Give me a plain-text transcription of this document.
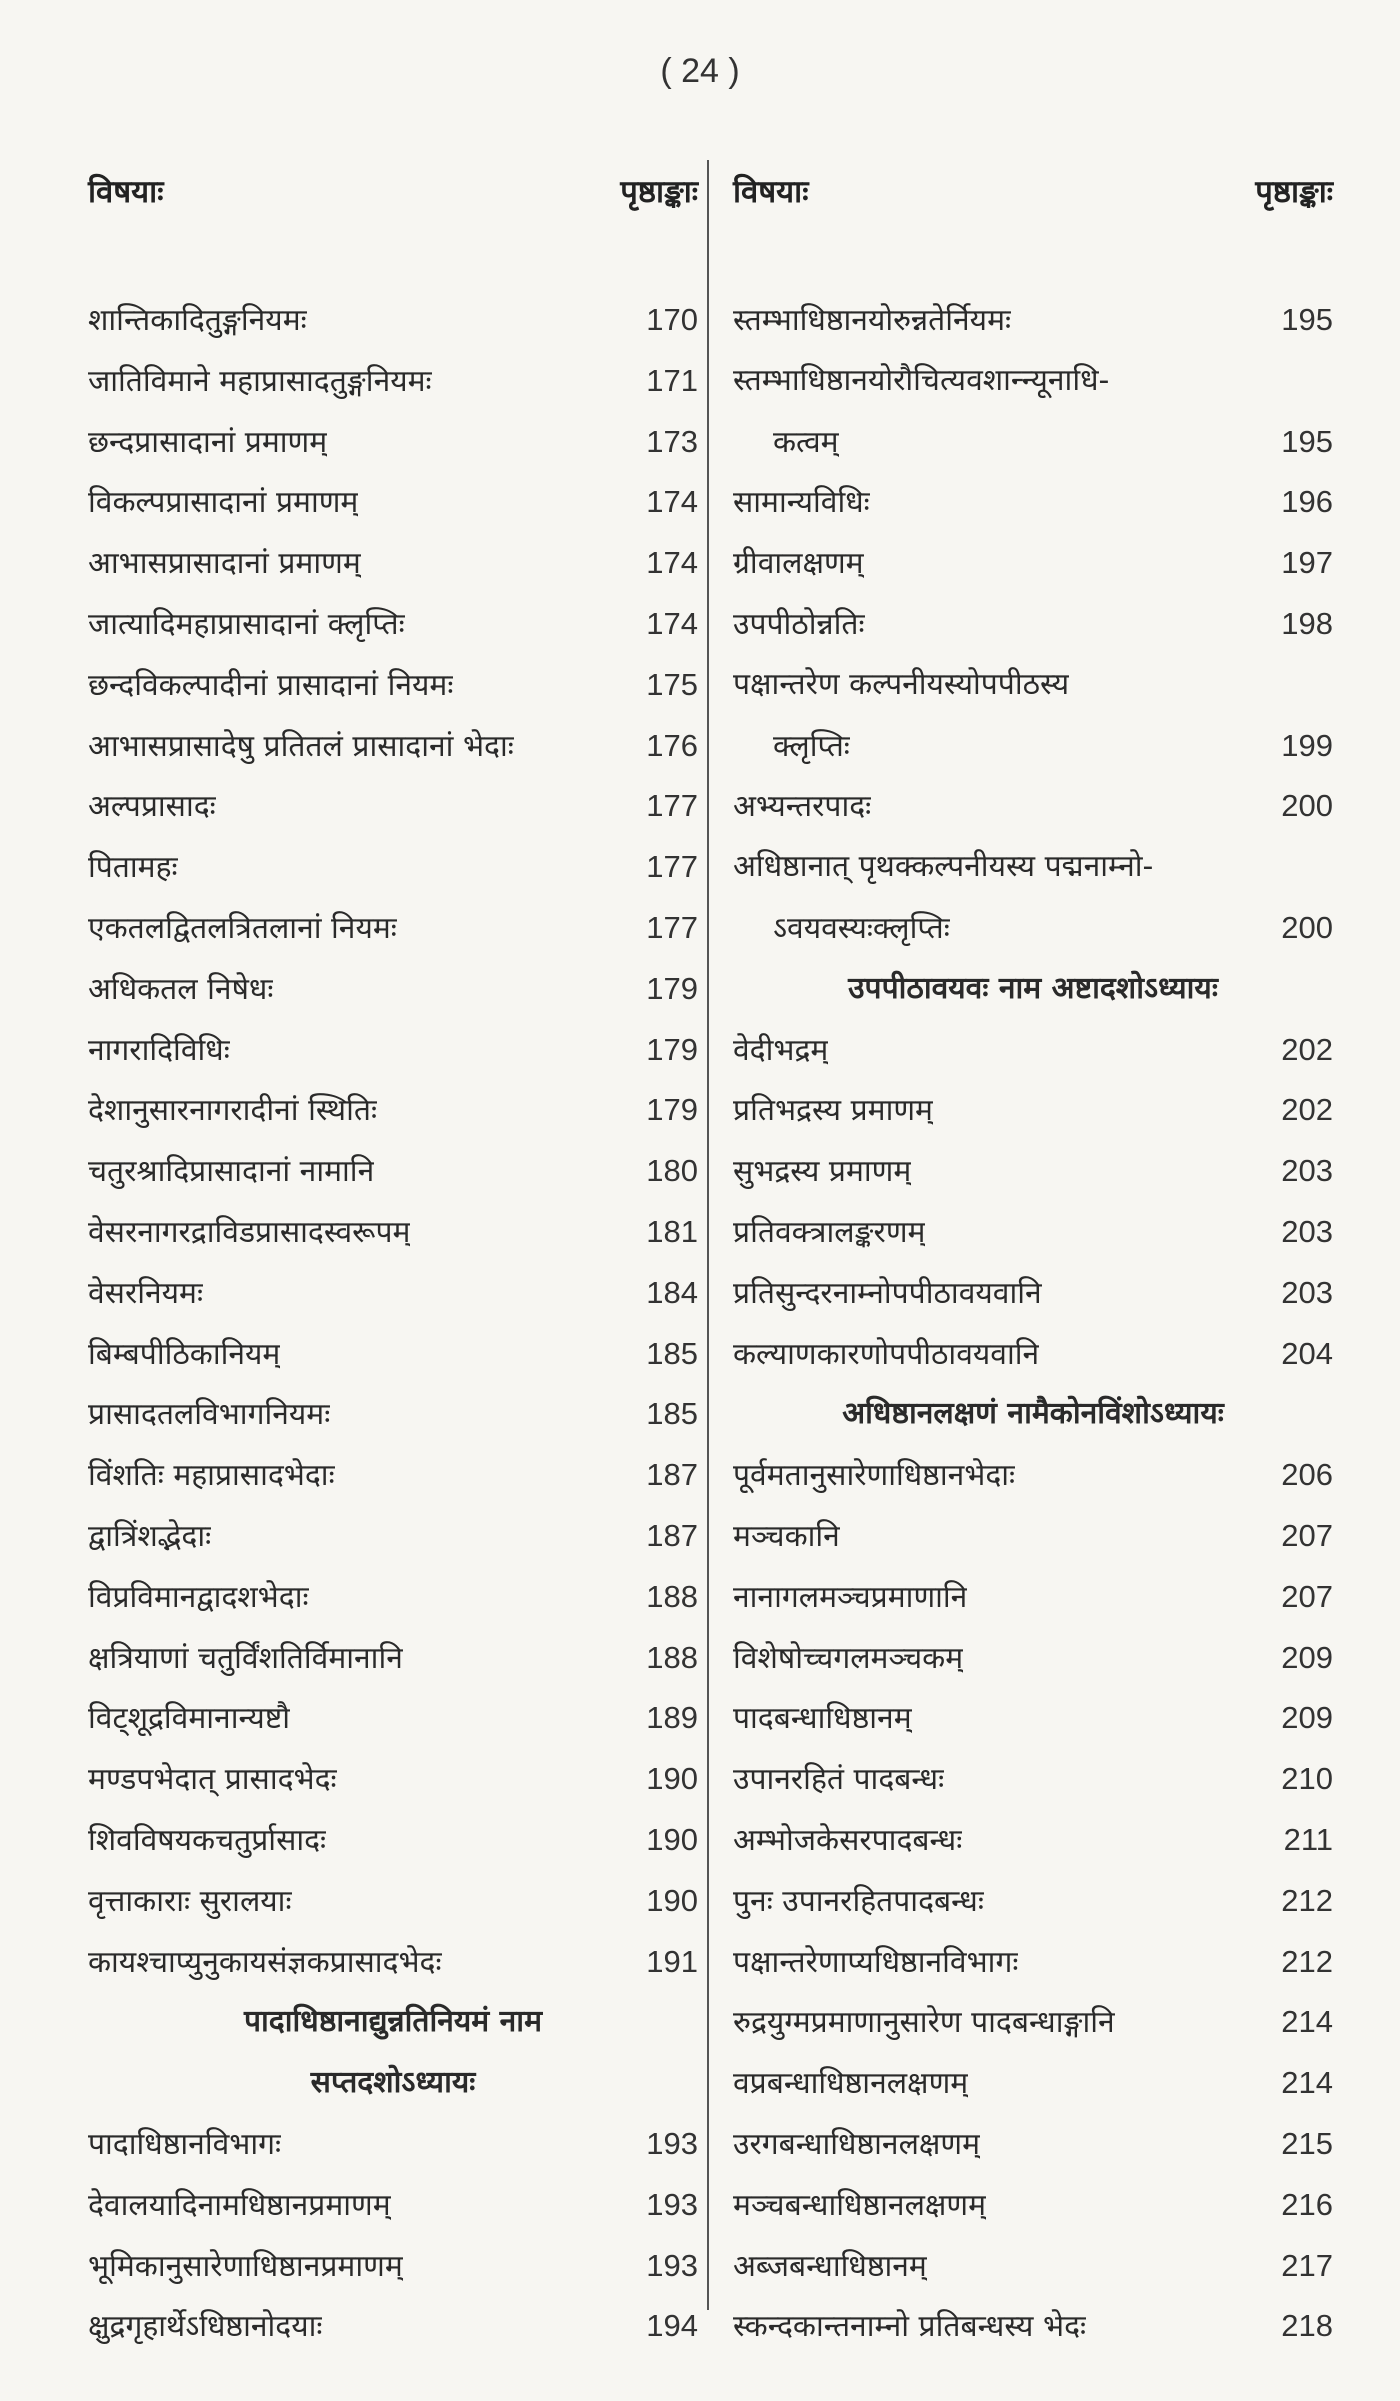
( 24 )
विषयाः	पृष्ठाङ्काः
शान्तिकादितुङ्गनियमः	170
जातिविमाने महाप्रासादतुङ्गनियमः	171
छन्दप्रासादानां प्रमाणम्	173
विकल्पप्रासादानां प्रमाणम्	174
आभासप्रासादानां प्रमाणम्	174
जात्यादिमहाप्रासादानां क्लृप्तिः	174
छन्दविकल्पादीनां प्रासादानां नियमः	175
आभासप्रासादेषु प्रतितलं प्रासादानां भेदाः	176
अल्पप्रासादः	177
पितामहः	177
एकतलद्वितलत्रितलानां नियमः	177
अधिकतल निषेधः	179
नागरादिविधिः	179
देशानुसारनागरादीनां स्थितिः	179
चतुरश्रादिप्रासादानां नामानि	180
वेसरनागरद्राविडप्रासादस्वरूपम्	181
वेसरनियमः	184
बिम्बपीठिकानियम्	185
प्रासादतलविभागनियमः	185
विंशतिः महाप्रासादभेदाः	187
द्वात्रिंशद्भेदाः	187
विप्रविमानद्वादशभेदाः	188
क्षत्रियाणां चतुर्विंशतिर्विमानानि	188
विट्शूद्रविमानान्यष्टौ	189
मण्डपभेदात् प्रासादभेदः	190
शिवविषयकचतुर्प्रासादः	190
वृत्ताकाराः सुरालयाः	190
कायश्चाप्युनुकायसंज्ञकप्रासादभेदः	191
पादाधिष्ठानाद्युन्नतिनियमं नाम
सप्तदशोऽध्यायः
पादाधिष्ठानविभागः	193
देवालयादिनामधिष्ठानप्रमाणम्	193
भूमिकानुसारेणाधिष्ठानप्रमाणम्	193
क्षुद्रगृहार्थेऽधिष्ठानोदयाः	194
विषयाः	पृष्ठाङ्काः
स्तम्भाधिष्ठानयोरुन्नतेर्नियमः	195
स्तम्भाधिष्ठानयोरौचित्यवशान्न्यूनाधि-
कत्वम्	195
सामान्यविधिः	196
ग्रीवालक्षणम्	197
उपपीठोन्नतिः	198
पक्षान्तरेण कल्पनीयस्योपपीठस्य
क्लृप्तिः	199
अभ्यन्तरपादः	200
अधिष्ठानात् पृथक्कल्पनीयस्य पद्मनाम्नो-
ऽवयवस्यःक्लृप्तिः	200
उपपीठावयवः नाम अष्टादशोऽध्यायः
वेदीभद्रम्	202
प्रतिभद्रस्य प्रमाणम्	202
सुभद्रस्य प्रमाणम्	203
प्रतिवक्त्रालङ्करणम्	203
प्रतिसुन्दरनाम्नोपपीठावयवानि	203
कल्याणकारणोपपीठावयवानि	204
अधिष्ठानलक्षणं नामैकोनविंशोऽध्यायः
पूर्वमतानुसारेणाधिष्ठानभेदाः	206
मञ्चकानि	207
नानागलमञ्चप्रमाणानि	207
विशेषोच्चगलमञ्चकम्	209
पादबन्धाधिष्ठानम्	209
उपानरहितं पादबन्धः	210
अम्भोजकेसरपादबन्धः	211
पुनः उपानरहितपादबन्धः	212
पक्षान्तरेणाप्यधिष्ठानविभागः	212
रुद्रयुग्मप्रमाणानुसारेण पादबन्धाङ्गानि	214
वप्रबन्धाधिष्ठानलक्षणम्	214
उरगबन्धाधिष्ठानलक्षणम्	215
मञ्चबन्धाधिष्ठानलक्षणम्	216
अब्जबन्धाधिष्ठानम्	217
स्कन्दकान्तनाम्नो प्रतिबन्धस्य भेदः	218
